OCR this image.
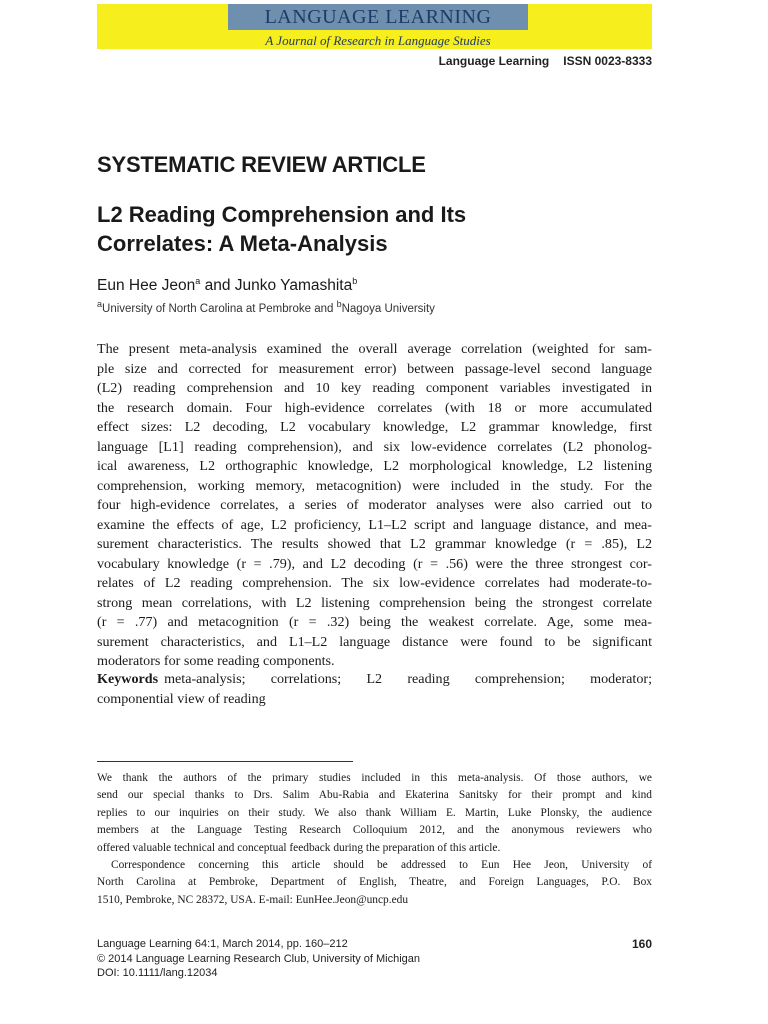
LANGUAGE LEARNING
A Journal of Research in Language Studies
Language Learning ISSN 0023-8333
SYSTEMATIC REVIEW ARTICLE
L2 Reading Comprehension and Its
Correlates: A Meta-Analysis
Eun Hee Jeon$^a$ and Junko Yamashita$^b$
$^a$University of North Carolina at Pembroke and $^b$Nagoya University
The present meta-analysis examined the overall average correlation (weighted for sam-
ple size and corrected for measurement error) between passage-level second language
(L2) reading comprehension and 10 key reading component variables investigated in
the research domain. Four high-evidence correlates (with 18 or more accumulated
effect sizes: L2 decoding, L2 vocabulary knowledge, L2 grammar knowledge, first
language [L1] reading comprehension), and six low-evidence correlates (L2 phonolog-
ical awareness, L2 orthographic knowledge, L2 morphological knowledge, L2 listening
comprehension, working memory, metacognition) were included in the study. For the
four high-evidence correlates, a series of moderator analyses were also carried out to
examine the effects of age, L2 proficiency, L1–L2 script and language distance, and mea-
surement characteristics. The results showed that L2 grammar knowledge (r = .85), L2
vocabulary knowledge (r = .79), and L2 decoding (r = .56) were the three strongest cor-
relates of L2 reading comprehension. The six low-evidence correlates had moderate-to-
strong mean correlations, with L2 listening comprehension being the strongest correlate
(r = .77) and metacognition (r = .32) being the weakest correlate. Age, some mea-
surement characteristics, and L1–L2 language distance were found to be significant
moderators for some reading components.
Keywords meta-analysis; correlations; L2 reading comprehension; moderator;
componential view of reading
We thank the authors of the primary studies included in this meta-analysis. Of those authors, we
send our special thanks to Drs. Salim Abu-Rabia and Ekaterina Sanitsky for their prompt and kind
replies to our inquiries on their study. We also thank William E. Martin, Luke Plonsky, the audience
members at the Language Testing Research Colloquium 2012, and the anonymous reviewers who
offered valuable technical and conceptual feedback during the preparation of this article.
Correspondence concerning this article should be addressed to Eun Hee Jeon, University of
North Carolina at Pembroke, Department of English, Theatre, and Foreign Languages, P.O. Box
1510, Pembroke, NC 28372, USA. E-mail: EunHee.Jeon@uncp.edu
Language Learning 64:1, March 2014, pp. 160–212
© 2014 Language Learning Research Club, University of Michigan
DOI: 10.1111/lang.12034
160
